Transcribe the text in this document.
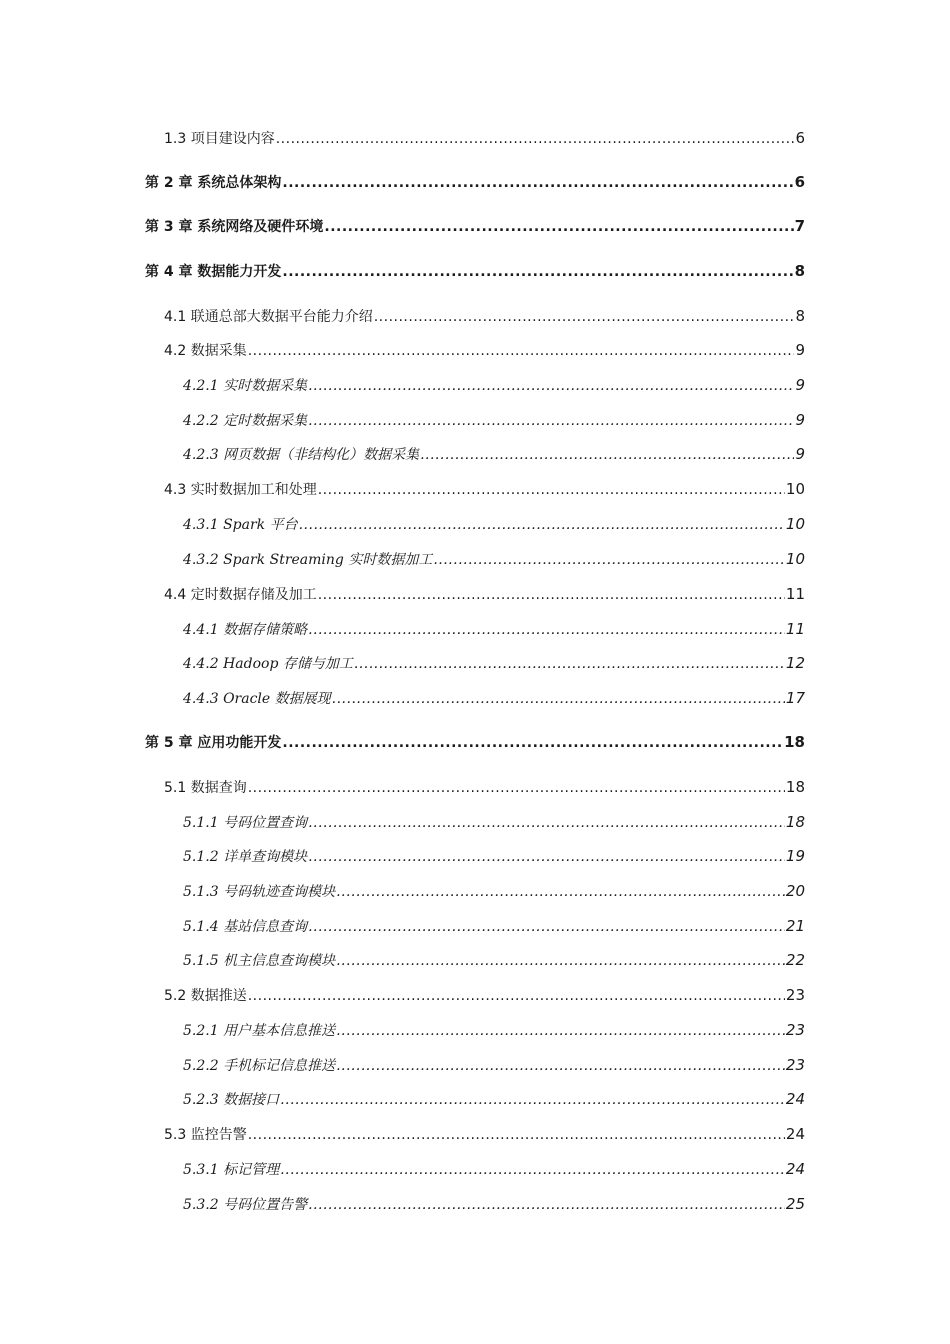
1.3 项目建设内容 .....	6
第 2 章 系统总体架构 .....	6
第 3 章 系统网络及硬件环境 .....	7
第 4 章 数据能力开发 .....	8
4.1 联通总部大数据平台能力介绍 .....	8
4.2 数据采集 .....	9
4.2.1 实时数据采集 .....	9
4.2.2 定时数据采集 .....	9
4.2.3 网页数据（非结构化）数据采集 .....	9
4.3 实时数据加工和处理 .....	10
4.3.1 Spark 平台 .....	10
4.3.2 Spark Streaming 实时数据加工 .....	10
4.4 定时数据存储及加工 .....	11
4.4.1 数据存储策略 .....	11
4.4.2 Hadoop 存储与加工 .....	12
4.4.3 Oracle 数据展现 .....	17
第 5 章 应用功能开发 .....	18
5.1 数据查询 .....	18
5.1.1 号码位置查询 .....	18
5.1.2 详单查询模块 .....	19
5.1.3 号码轨迹查询模块 .....	20
5.1.4 基站信息查询 .....	21
5.1.5 机主信息查询模块 .....	22
5.2 数据推送 .....	23
5.2.1 用户基本信息推送 .....	23
5.2.2 手机标记信息推送 .....	23
5.2.3 数据接口 .....	24
5.3 监控告警 .....	24
5.3.1 标记管理 .....	24
5.3.2 号码位置告警 .....	25
